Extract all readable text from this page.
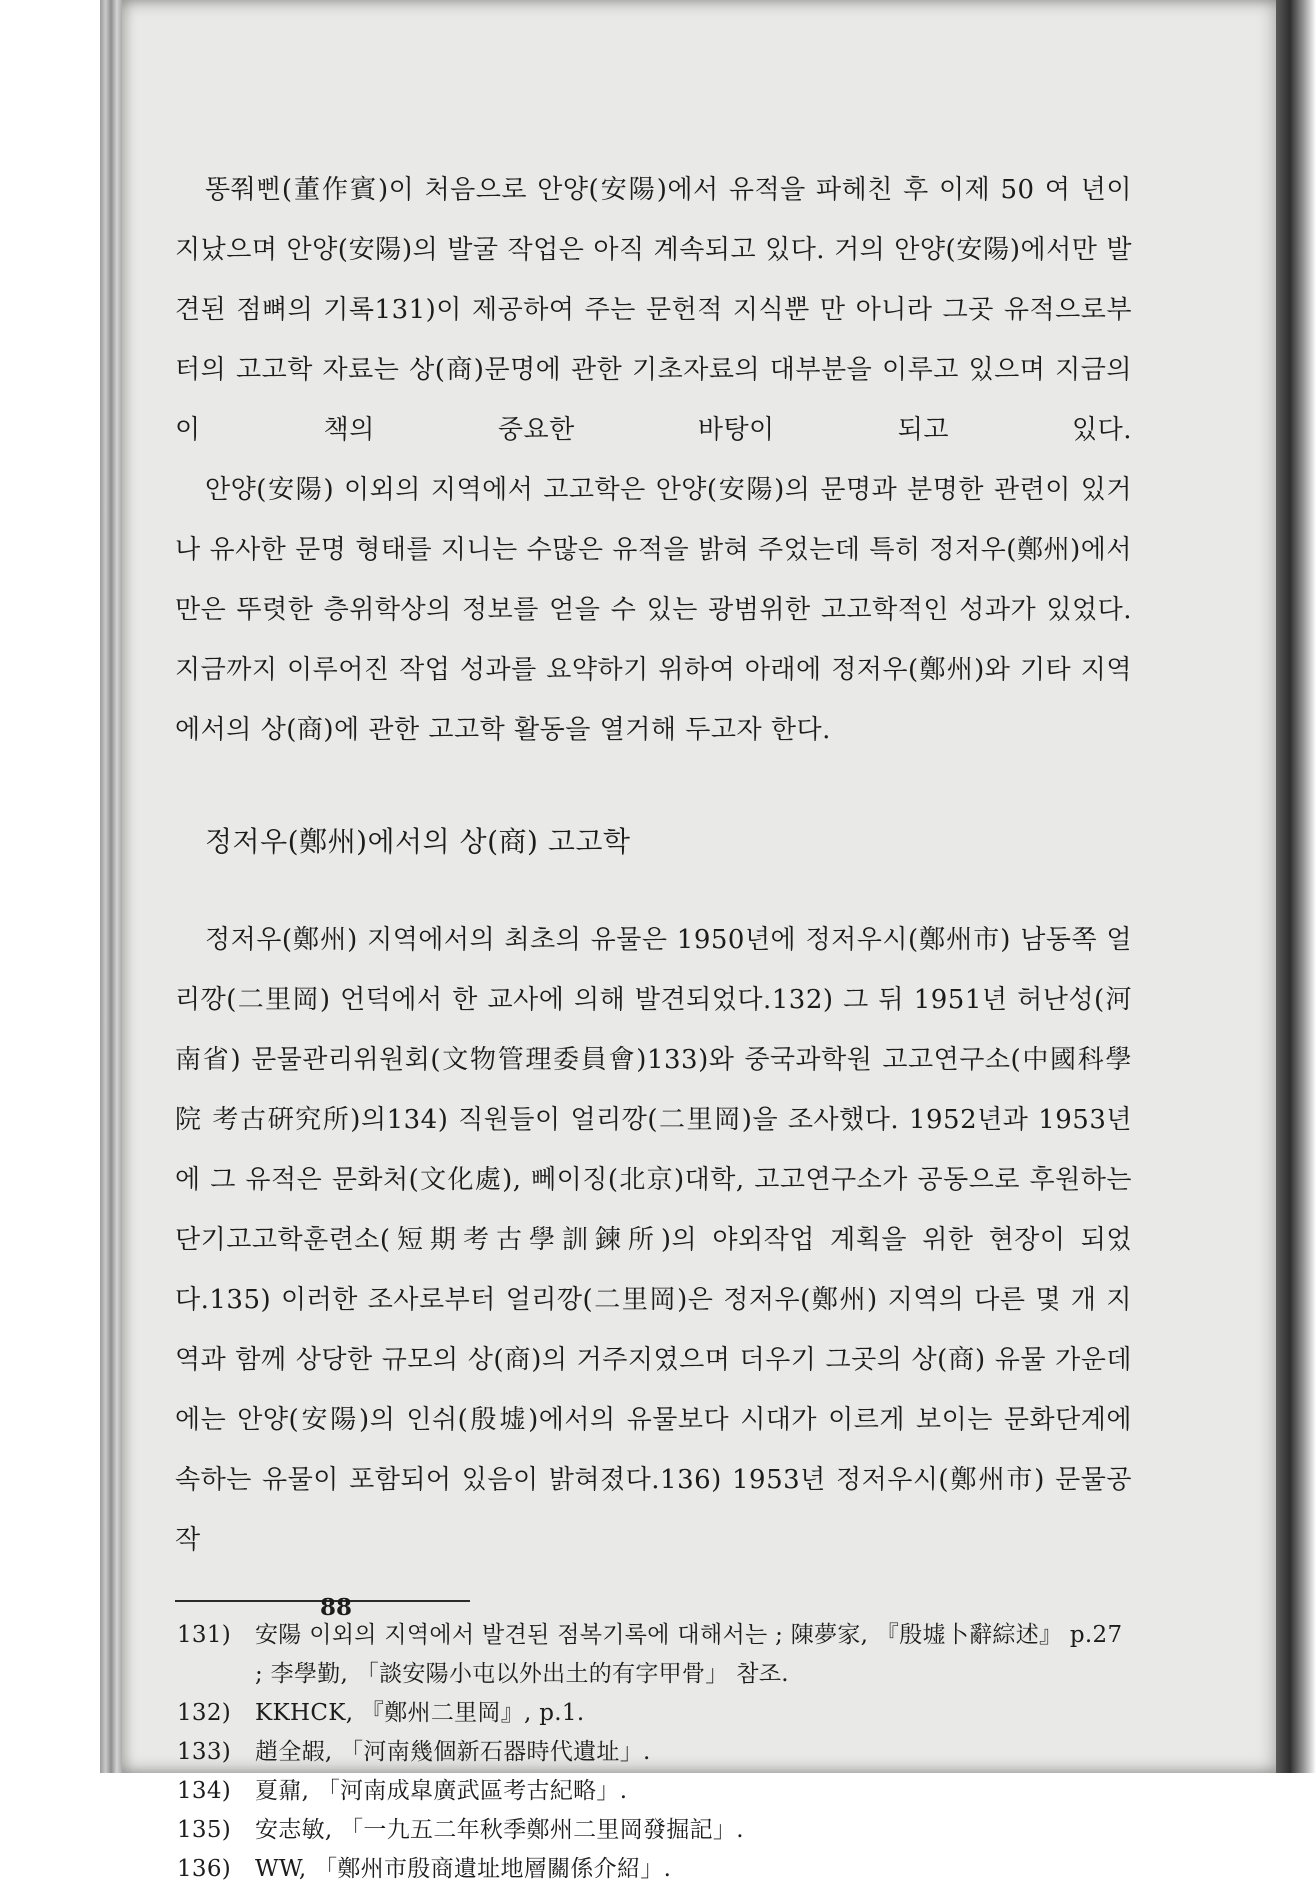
똥쭤삔(董作賓)이 처음으로 안양(安陽)에서 유적을 파헤친 후 이제 50 여 년이 지났으며 안양(安陽)의 발굴 작업은 아직 계속되고 있다. 거의 안양(安陽)에서만 발견된 점뼈의 기록131)이 제공하여 주는 문헌적 지식뿐 만 아니라 그곳 유적으로부터의 고고학 자료는 상(商)문명에 관한 기초자료의 대부분을 이루고 있으며 지금의 이 책의 중요한 바탕이 되고 있다.

안양(安陽) 이외의 지역에서 고고학은 안양(安陽)의 문명과 분명한 관련이 있거나 유사한 문명 형태를 지니는 수많은 유적을 밝혀 주었는데 특히 정저우(鄭州)에서만은 뚜렷한 층위학상의 정보를 얻을 수 있는 광범위한 고고학적인 성과가 있었다. 지금까지 이루어진 작업 성과를 요약하기 위하여 아래에 정저우(鄭州)와 기타 지역에서의 상(商)에 관한 고고학 활동을 열거해 두고자 한다.

정저우(鄭州)에서의 상(商) 고고학

정저우(鄭州) 지역에서의 최초의 유물은 1950년에 정저우시(鄭州市) 남동쪽 얼리깡(二里岡) 언덕에서 한 교사에 의해 발견되었다.132) 그 뒤 1951년 허난성(河南省) 문물관리위원회(文物管理委員會)133)와 중국과학원 고고연구소(中國科學院 考古硏究所)의134) 직원들이 얼리깡(二里岡)을 조사했다. 1952년과 1953년에 그 유적은 문화처(文化處), 뻬이징(北京)대학, 고고연구소가 공동으로 후원하는 단기고고학훈련소(短期考古學訓鍊所)의 야외작업 계획을 위한 현장이 되었다.135) 이러한 조사로부터 얼리깡(二里岡)은 정저우(鄭州) 지역의 다른 몇 개 지역과 함께 상당한 규모의 상(商)의 거주지였으며 더우기 그곳의 상(商) 유물 가운데에는 안양(安陽)의 인쉬(殷墟)에서의 유물보다 시대가 이르게 보이는 문화단계에 속하는 유물이 포함되어 있음이 밝혀졌다.136) 1953년 정저우시(鄭州市) 문물공작

131)	安陽 이외의 지역에서 발견된 점복기록에 대해서는 ; 陳夢家, 『殷墟卜辭綜述』 p.27 ; 李學勤, 「談安陽小屯以外出土的有字甲骨」 참조.
132)	KKHCK, 『鄭州二里岡』, p.1.
133)	趙全嘏, 「河南幾個新石器時代遺址」.
134)	夏鼐, 「河南成皐廣武區考古紀略」.
135)	安志敏, 「一九五二年秋季鄭州二里岡發掘記」.
136)	WW, 「鄭州市殷商遺址地層關係介紹」.
88
